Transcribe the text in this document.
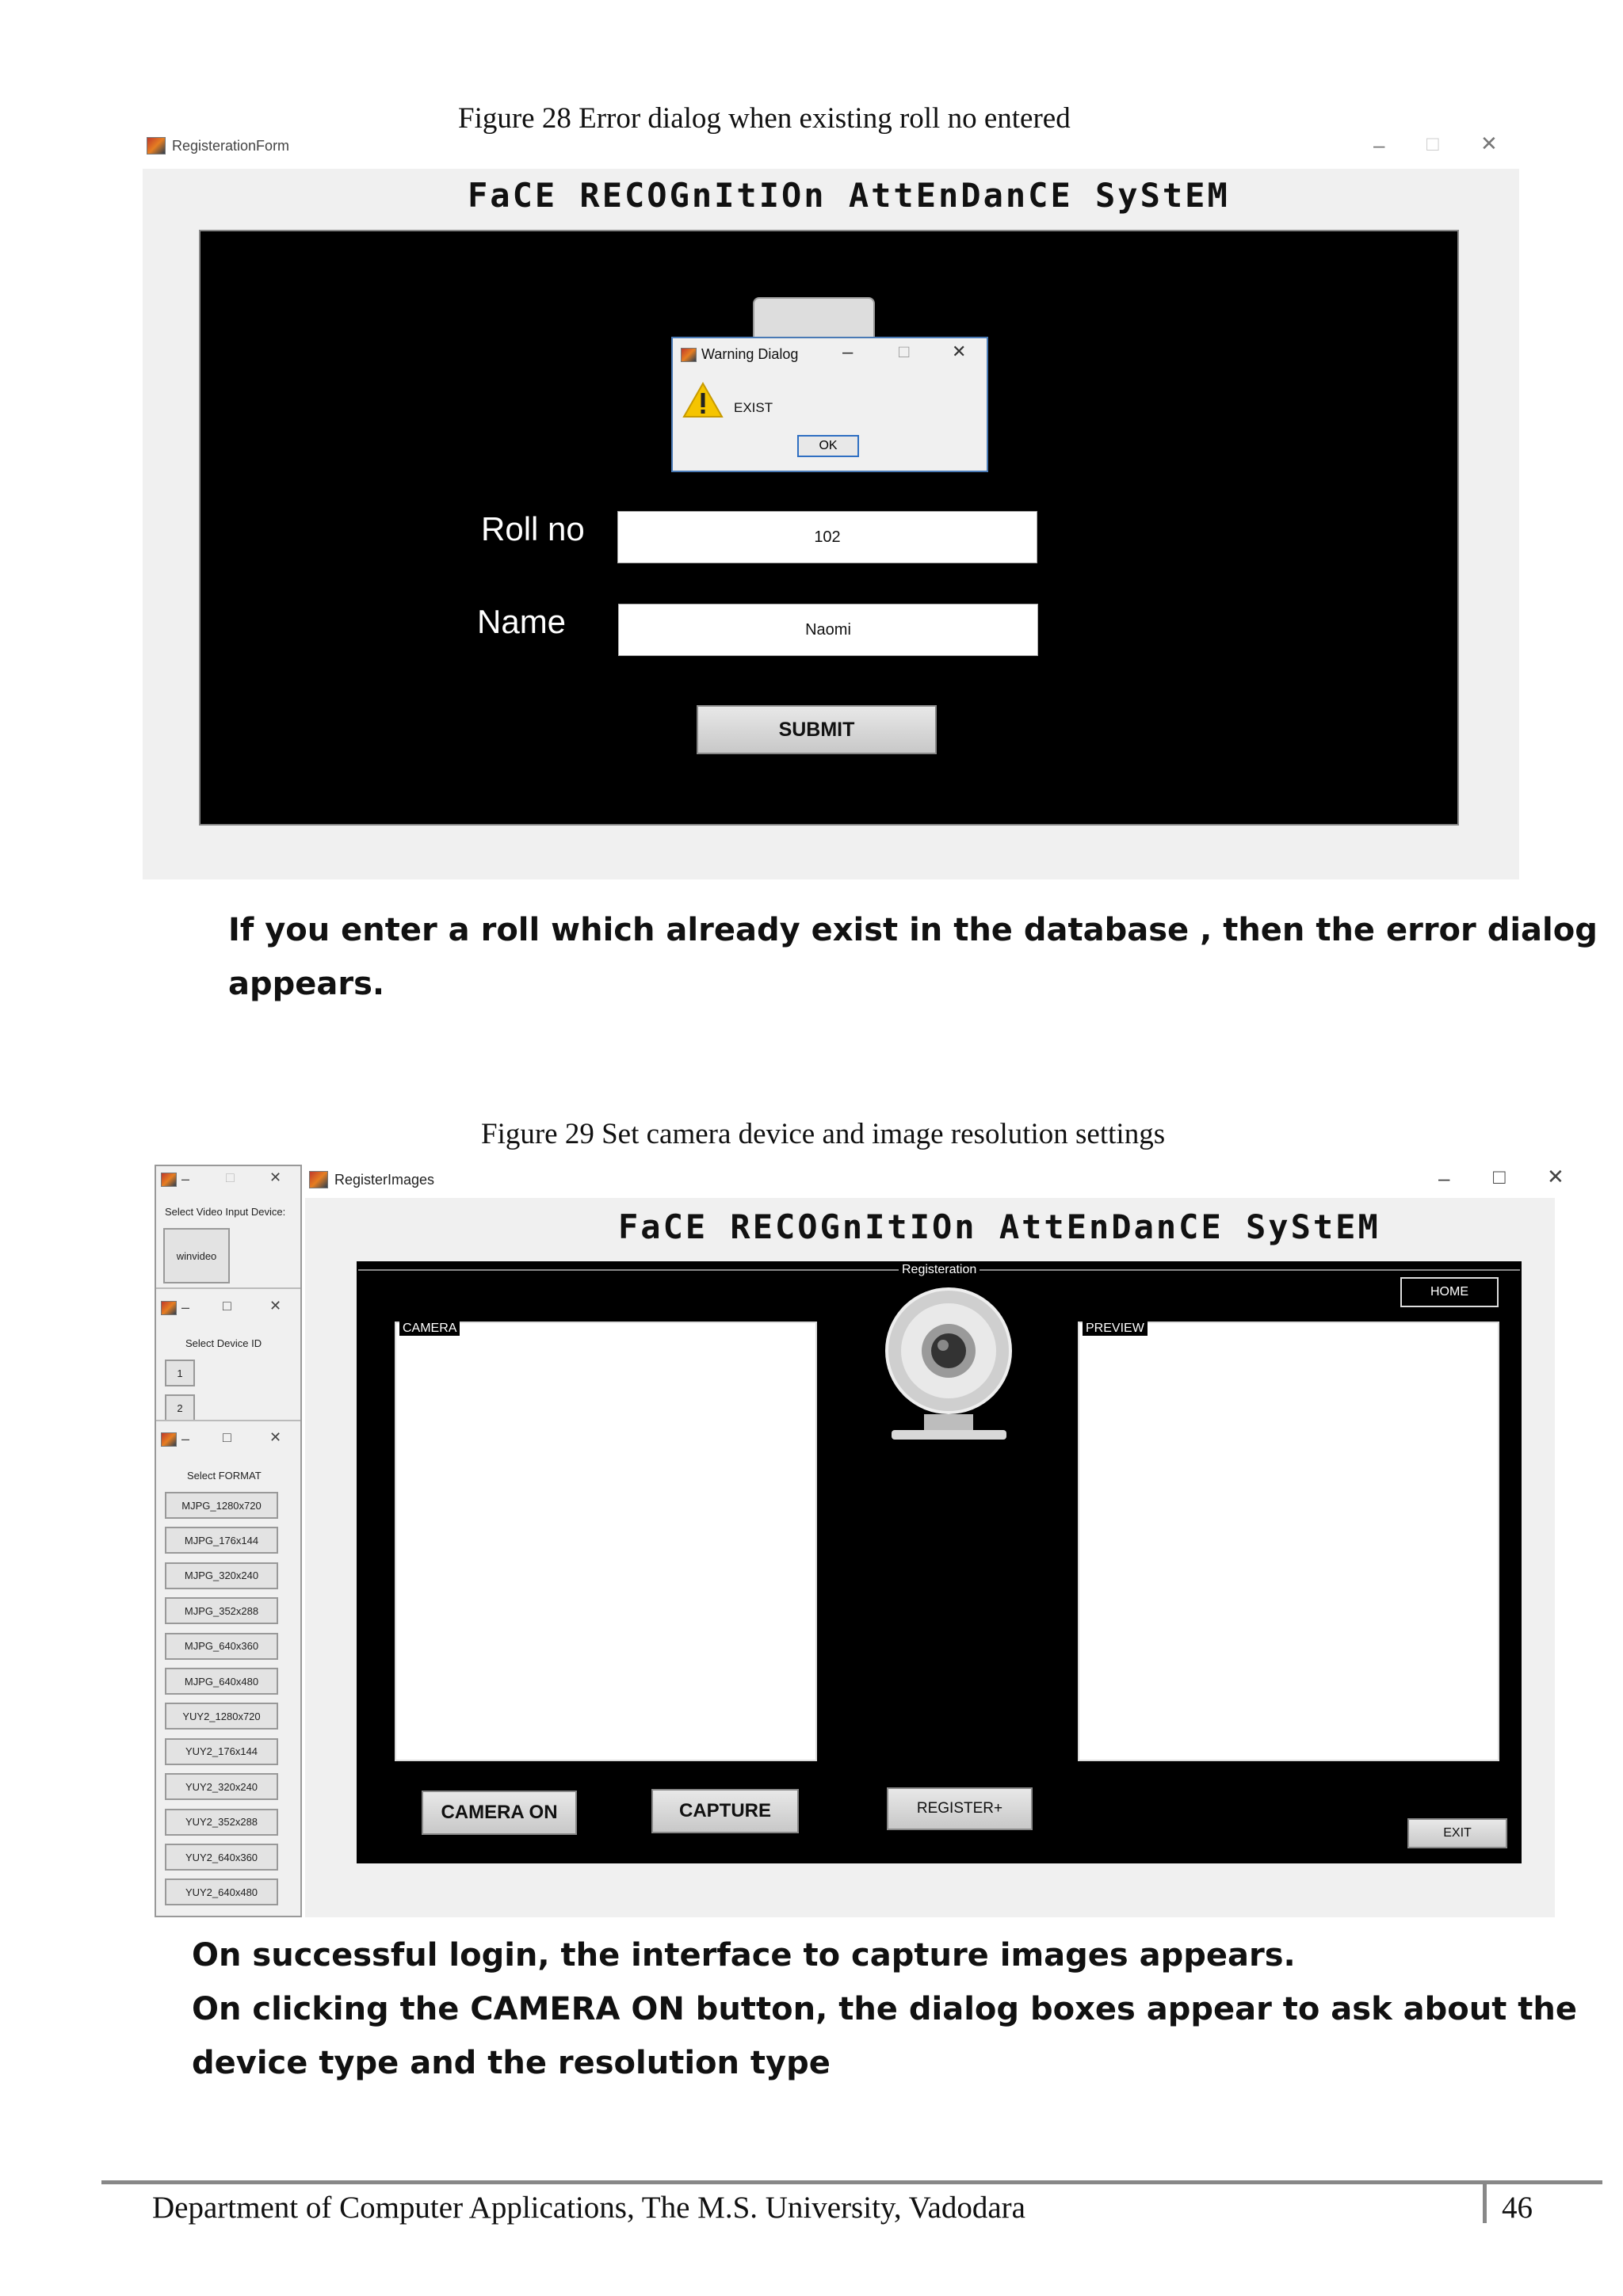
Figure 28 Error dialog when existing roll no entered
RegisterationForm	– □ ✕
FaCE RECOGnItIOn AttEnDanCE SyStEM
Warning Dialog –	□ ✕
EXIST
OK
Roll no	102
Name	Naomi
SUBMIT
If you enter a roll which already exist in the database , then the error dialog
appears.
Figure 29 Set camera device and image resolution settings
–	□ ✕
Select Video Input Device:
winvideo
– □	✕
Select Device ID
1
2
– □	✕
Select FORMAT
MJPG_1280x720
MJPG_176x144
MJPG_320x240
MJPG_352x288
MJPG_640x360
MJPG_640x480
YUY2_1280x720
YUY2_176x144
YUY2_320x240
YUY2_352x288
YUY2_640x360
YUY2_640x480
RegisterImages	– □ ✕
FaCE RECOGnItIOn AttEnDanCE SyStEM
Registeration
HOME
CAMERA	PREVIEW
CAMERA ON	CAPTURE	REGISTER+
EXIT
On successful login, the interface to capture images appears.
On clicking the CAMERA ON button, the dialog boxes appear to ask about the
device type and the resolution type
Department of Computer Applications, The M.S. University, Vadodara	46
